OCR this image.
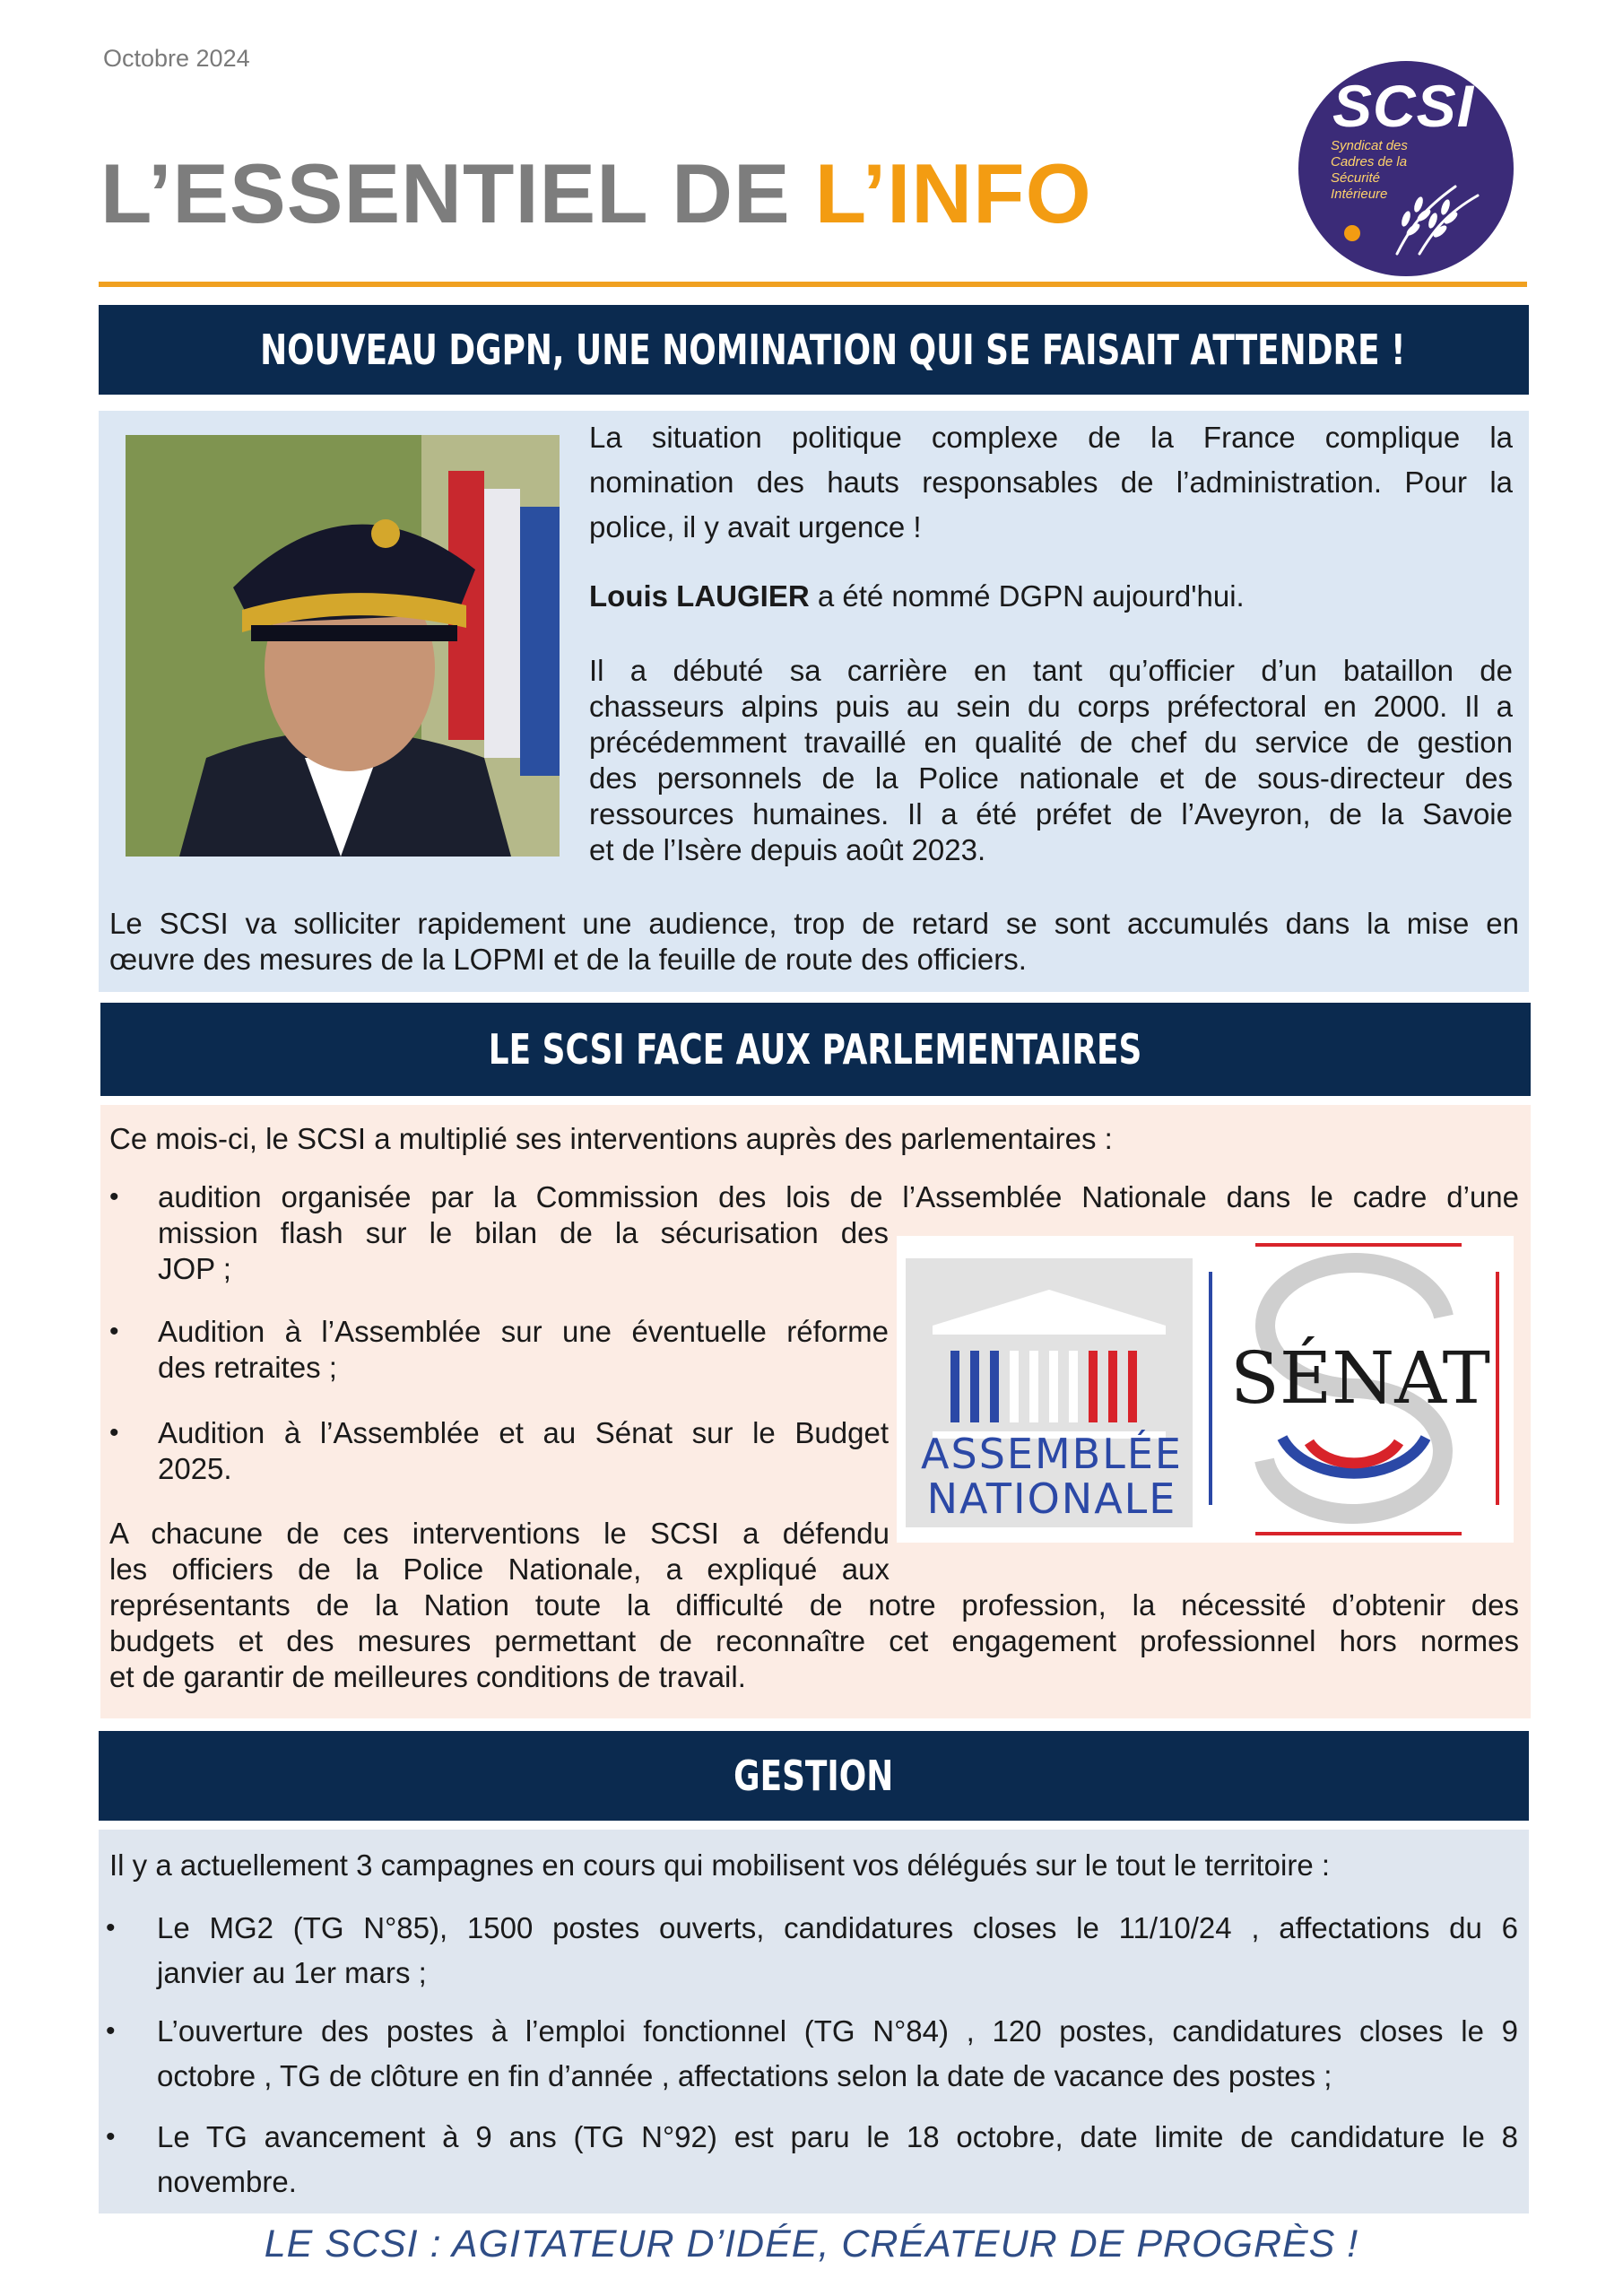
Octobre 2024
L’ESSENTIEL DE L’INFO
SCSI
Syndicat des
Cadres de la
Sécurité
Intérieure
NOUVEAU DGPN, UNE NOMINATION QUI SE FAISAIT ATTENDRE !
La situation politique complexe de la France complique la
nomination des hauts responsables de l’administration. Pour la
police, il y avait urgence !
Louis LAUGIER a été nommé DGPN aujourd'hui.
Il a débuté sa carrière en tant qu’officier d’un bataillon de
chasseurs alpins puis au sein du corps préfectoral en 2000. Il a
précédemment travaillé en qualité de chef du service de gestion
des personnels de la Police nationale et de sous-directeur des
ressources humaines. Il a été préfet de l’Aveyron, de la Savoie
et de l’Isère depuis août 2023.
Le SCSI va solliciter rapidement une audience, trop de retard se sont accumulés dans la mise en
œuvre des mesures de la LOPMI et de la feuille de route des officiers.
LE SCSI FACE AUX PARLEMENTAIRES
Ce mois-ci, le SCSI a multiplié ses interventions auprès des parlementaires :
• audition organisée par la Commission des lois de l’Assemblée Nationale dans le cadre d’une
mission flash sur le bilan de la sécurisation des
JOP ;
• Audition à l’Assemblée sur une éventuelle réforme
des retraites ;
• Audition à l’Assemblée et au Sénat sur le Budget
2025.
A chacune de ces interventions le SCSI a défendu
les officiers de la Police Nationale, a expliqué aux
représentants de la Nation toute la difficulté de notre profession, la nécessité d’obtenir des
budgets et des mesures permettant de reconnaître cet engagement professionnel hors normes
et de garantir de meilleures conditions de travail.
ASSEMBLÉE
NATIONALE
SÉNAT
GESTION
Il y a actuellement 3 campagnes en cours qui mobilisent vos délégués sur le tout le territoire :
• Le MG2 (TG N°85), 1500 postes ouverts, candidatures closes le 11/10/24 , affectations du 6
janvier au 1er mars ;
• L’ouverture des postes à l’emploi fonctionnel (TG N°84) , 120 postes, candidatures closes le 9
octobre , TG de clôture en fin d’année , affectations selon la date de vacance des postes ;
• Le TG avancement à 9 ans (TG N°92) est paru le 18 octobre, date limite de candidature le 8
novembre.
LE SCSI : AGITATEUR D’IDÉE, CRÉATEUR DE PROGRÈS !
